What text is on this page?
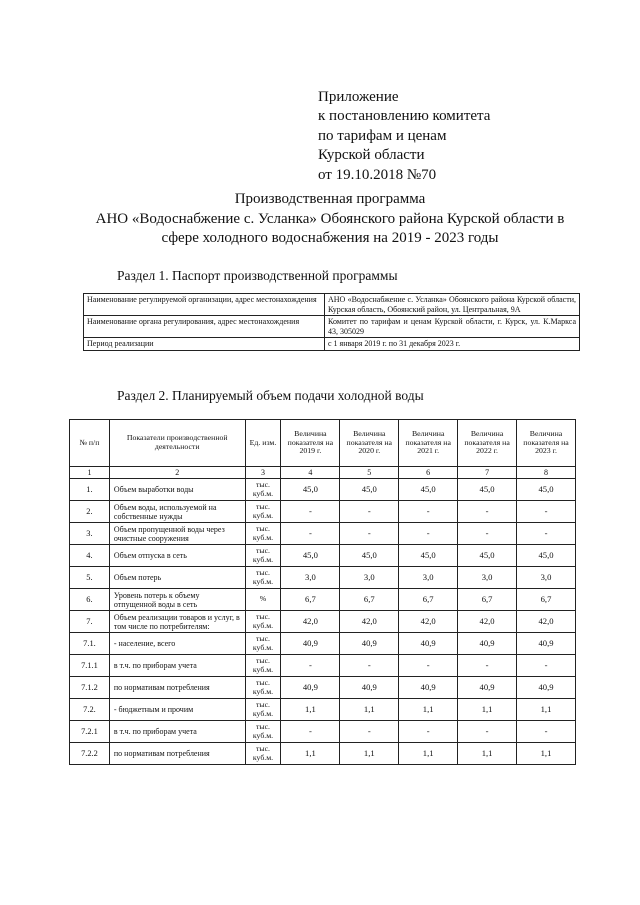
Приложение
к постановлению комитета
по тарифам и ценам
Курской области
от 19.10.2018 №70
Производственная программа
АНО «Водоснабжение с. Усланка» Обоянского района Курской области в
сфере холодного водоснабжения на 2019 - 2023 годы
Раздел 1. Паспорт производственной программы
Наименование регулируемой организации, адрес местонахождения	АНО «Водоснабжение с. Усланка» Обоянского района Курской области, Курская область, Обоянский район, ул. Центральная, 9А
Наименование органа регулирования, адрес местонахождения	Комитет по тарифам и ценам Курской области, г. Курск, ул. К.Маркса 43, 305029
Период реализации	с 1 января 2019 г. по 31 декабря 2023 г.
Раздел 2. Планируемый объем подачи холодной воды
№ п/п	Показатели производственной деятельности	Ед. изм.	Величина показателя на 2019 г.	Величина показателя на 2020 г.	Величина показателя на 2021 г.	Величина показателя на 2022 г.	Величина показателя на 2023 г.
1	2	3	4	5	6	7	8
1.	Объем выработки воды	тыс. куб.м.	45,0	45,0	45,0	45,0	45,0
2.	Объем воды, используемой на собственные нужды	тыс. куб.м.	-	-	-	-	-
3.	Объем пропущенной воды через очистные сооружения	тыс. куб.м.	-	-	-	-	-
4.	Объем отпуска в сеть	тыс. куб.м.	45,0	45,0	45,0	45,0	45,0
5.	Объем потерь	тыс. куб.м.	3,0	3,0	3,0	3,0	3,0
6.	Уровень потерь к объему отпущенной воды в сеть	%	6,7	6,7	6,7	6,7	6,7
7.	Объем реализации товаров и услуг, в том числе по потребителям:	тыс. куб.м.	42,0	42,0	42,0	42,0	42,0
7.1.	- население, всего	тыс. куб.м.	40,9	40,9	40,9	40,9	40,9
7.1.1	в т.ч. по приборам учета	тыс. куб.м.	-	-	-	-	-
7.1.2	по нормативам потребления	тыс. куб.м.	40,9	40,9	40,9	40,9	40,9
7.2.	- бюджетным и прочим	тыс. куб.м.	1,1	1,1	1,1	1,1	1,1
7.2.1	в т.ч. по приборам учета	тыс. куб.м.	-	-	-	-	-
7.2.2	по нормативам потребления	тыс. куб.м.	1,1	1,1	1,1	1,1	1,1
